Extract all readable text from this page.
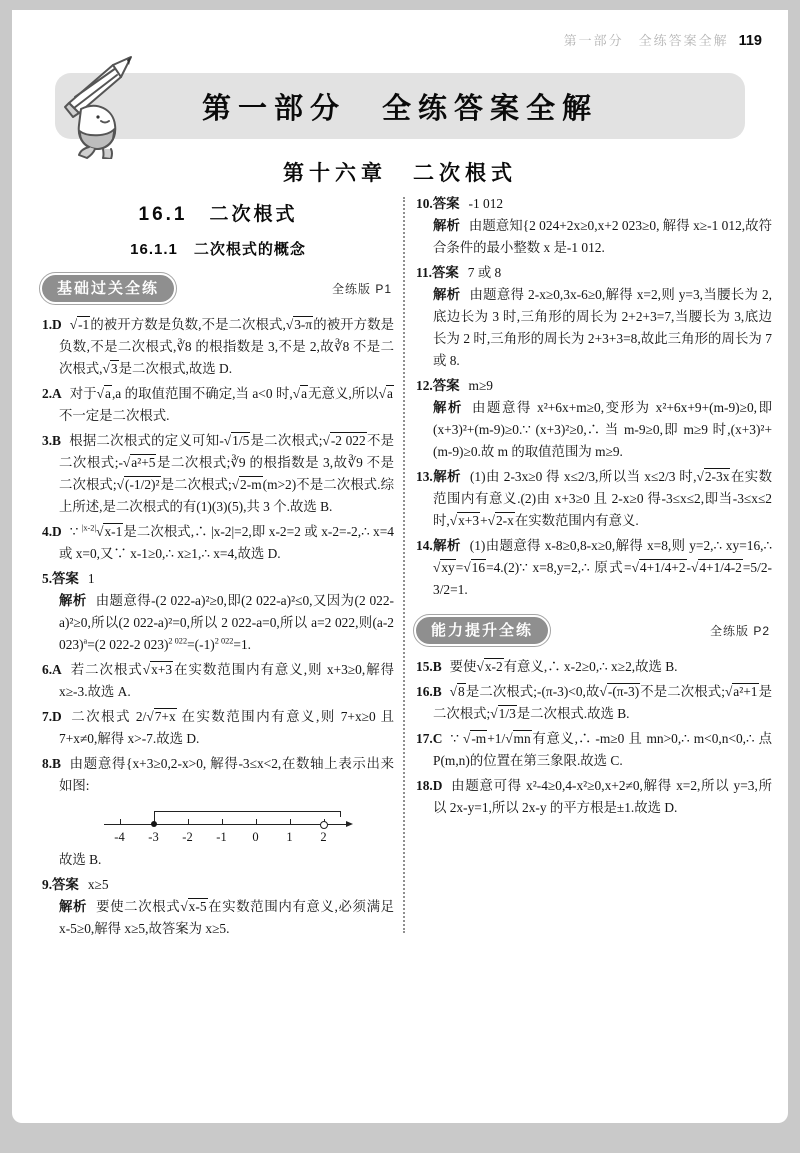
第一部分　全练答案全解 119
第一部分　全练答案全解
第十六章　二次根式
16.1　二次根式
16.1.1　二次根式的概念
基础过关全练	全练版 P1

1.D √-1的被开方数是负数,不是二次根式,√3-π的被开方数是负数,不是二次根式,∛8 的根指数是 3,不是 2,故∛8 不是二次根式,√3是二次根式,故选 D.

2.A 对于√a,a 的取值范围不确定,当 a<0 时,√a无意义,所以√a不一定是二次根式.

3.B 根据二次根式的定义可知-√1/5是二次根式;√-2 022不是二次根式;-√a²+5是二次根式;∛9 的根指数是 3,故∛9 不是二次根式;√(-1/2)²是二次根式;√2-m(m>2)不是二次根式.综上所述,是二次根式的有(1)(3)(5),共 3 个.故选 B.

4.D ∵ $^{|x-2|}$√x-1是二次根式,∴ |x-2|=2,即 x-2=2 或 x-2=-2,∴ x=4 或 x=0,又∵ x-1≥0,∴ x≥1,∴ x=4,故选 D.

5.答案 1

解析 由题意得-(2 022-a)²≥0,即(2 022-a)²≤0,又因为(2 022-a)²≥0,所以(2 022-a)²=0,所以 2 022-a=0,所以 a=2 022,则(a-2 023)$^a$=(2 022-2 $023)^{2 022}=(-1)^{2 022}=1$.

6.A 若二次根式√x+3在实数范围内有意义,则 x+3≥0,解得 x≥-3.故选 A.

7.D 二次根式 2/√7+x 在实数范围内有意义,则 7+x≥0 且 7+x≠0,解得 x>-7.故选 D.

8.B 由题意得{x+3≥0,2-x>0, 解得-3≤x<2,在数轴上表示出来如图:

-4	-3	-2	-1	0	1	2

故选 B.

9.答案 x≥5

解析 要使二次根式√x-5在实数范围内有意义,必须满足 x-5≥0,解得 x≥5,故答案为 x≥5.

10.答案 -1 012

解析 由题意知{2 024+2x≥0,x+2 023≥0, 解得 x≥-1 012,故符合条件的最小整数 x 是-1 012.

11.答案 7 或 8

解析 由题意得 2-x≥0,3x-6≥0,解得 x=2,则 y=3,当腰长为 2,底边长为 3 时,三角形的周长为 2+2+3=7,当腰长为 3,底边长为 2 时,三角形的周长为 2+3+3=8,故此三角形的周长为 7 或 8.

12.答案 m≥9

解析 由题意得 x²+6x+m≥0,变形为 x²+6x+9+(m-9)≥0,即(x+3)²+(m-9)≥0.∵ (x+3)²≥0,∴ 当 m-9≥0,即 m≥9 时,(x+3)²+(m-9)≥0.故 m 的取值范围为 m≥9.

13.解析 (1)由 2-3x≥0 得 x≤2/3,所以当 x≤2/3 时,√2-3x在实数范围内有意义.(2)由 x+3≥0 且 2-x≥0 得-3≤x≤2,即当-3≤x≤2 时,√x+3+√2-x在实数范围内有意义.

14.解析 (1)由题意得 x-8≥0,8-x≥0,解得 x=8,则 y=2,∴ xy=16,∴ √xy=√16=4.(2)∵ x=8,y=2,∴ 原式=√4+1/4+2-√4+1/4-2=5/2-3/2=1.

能力提升全练	全练版 P2

15.B 要使√x-2有意义,∴ x-2≥0,∴ x≥2,故选 B.

16.B √8是二次根式;-(π-3)<0,故√-(π-3)不是二次根式;√a²+1是二次根式;√1/3是二次根式.故选 B.

17.C ∵ √-m+1/√mn有意义,∴ -m≥0 且 mn>0,∴ m<0,n<0,∴ 点 P(m,n)的位置在第三象限.故选 C.

18.D 由题意可得 x²-4≥0,4-x²≥0,x+2≠0,解得 x=2,所以 y=3,所以 2x-y=1,所以 2x-y 的平方根是±1.故选 D.
